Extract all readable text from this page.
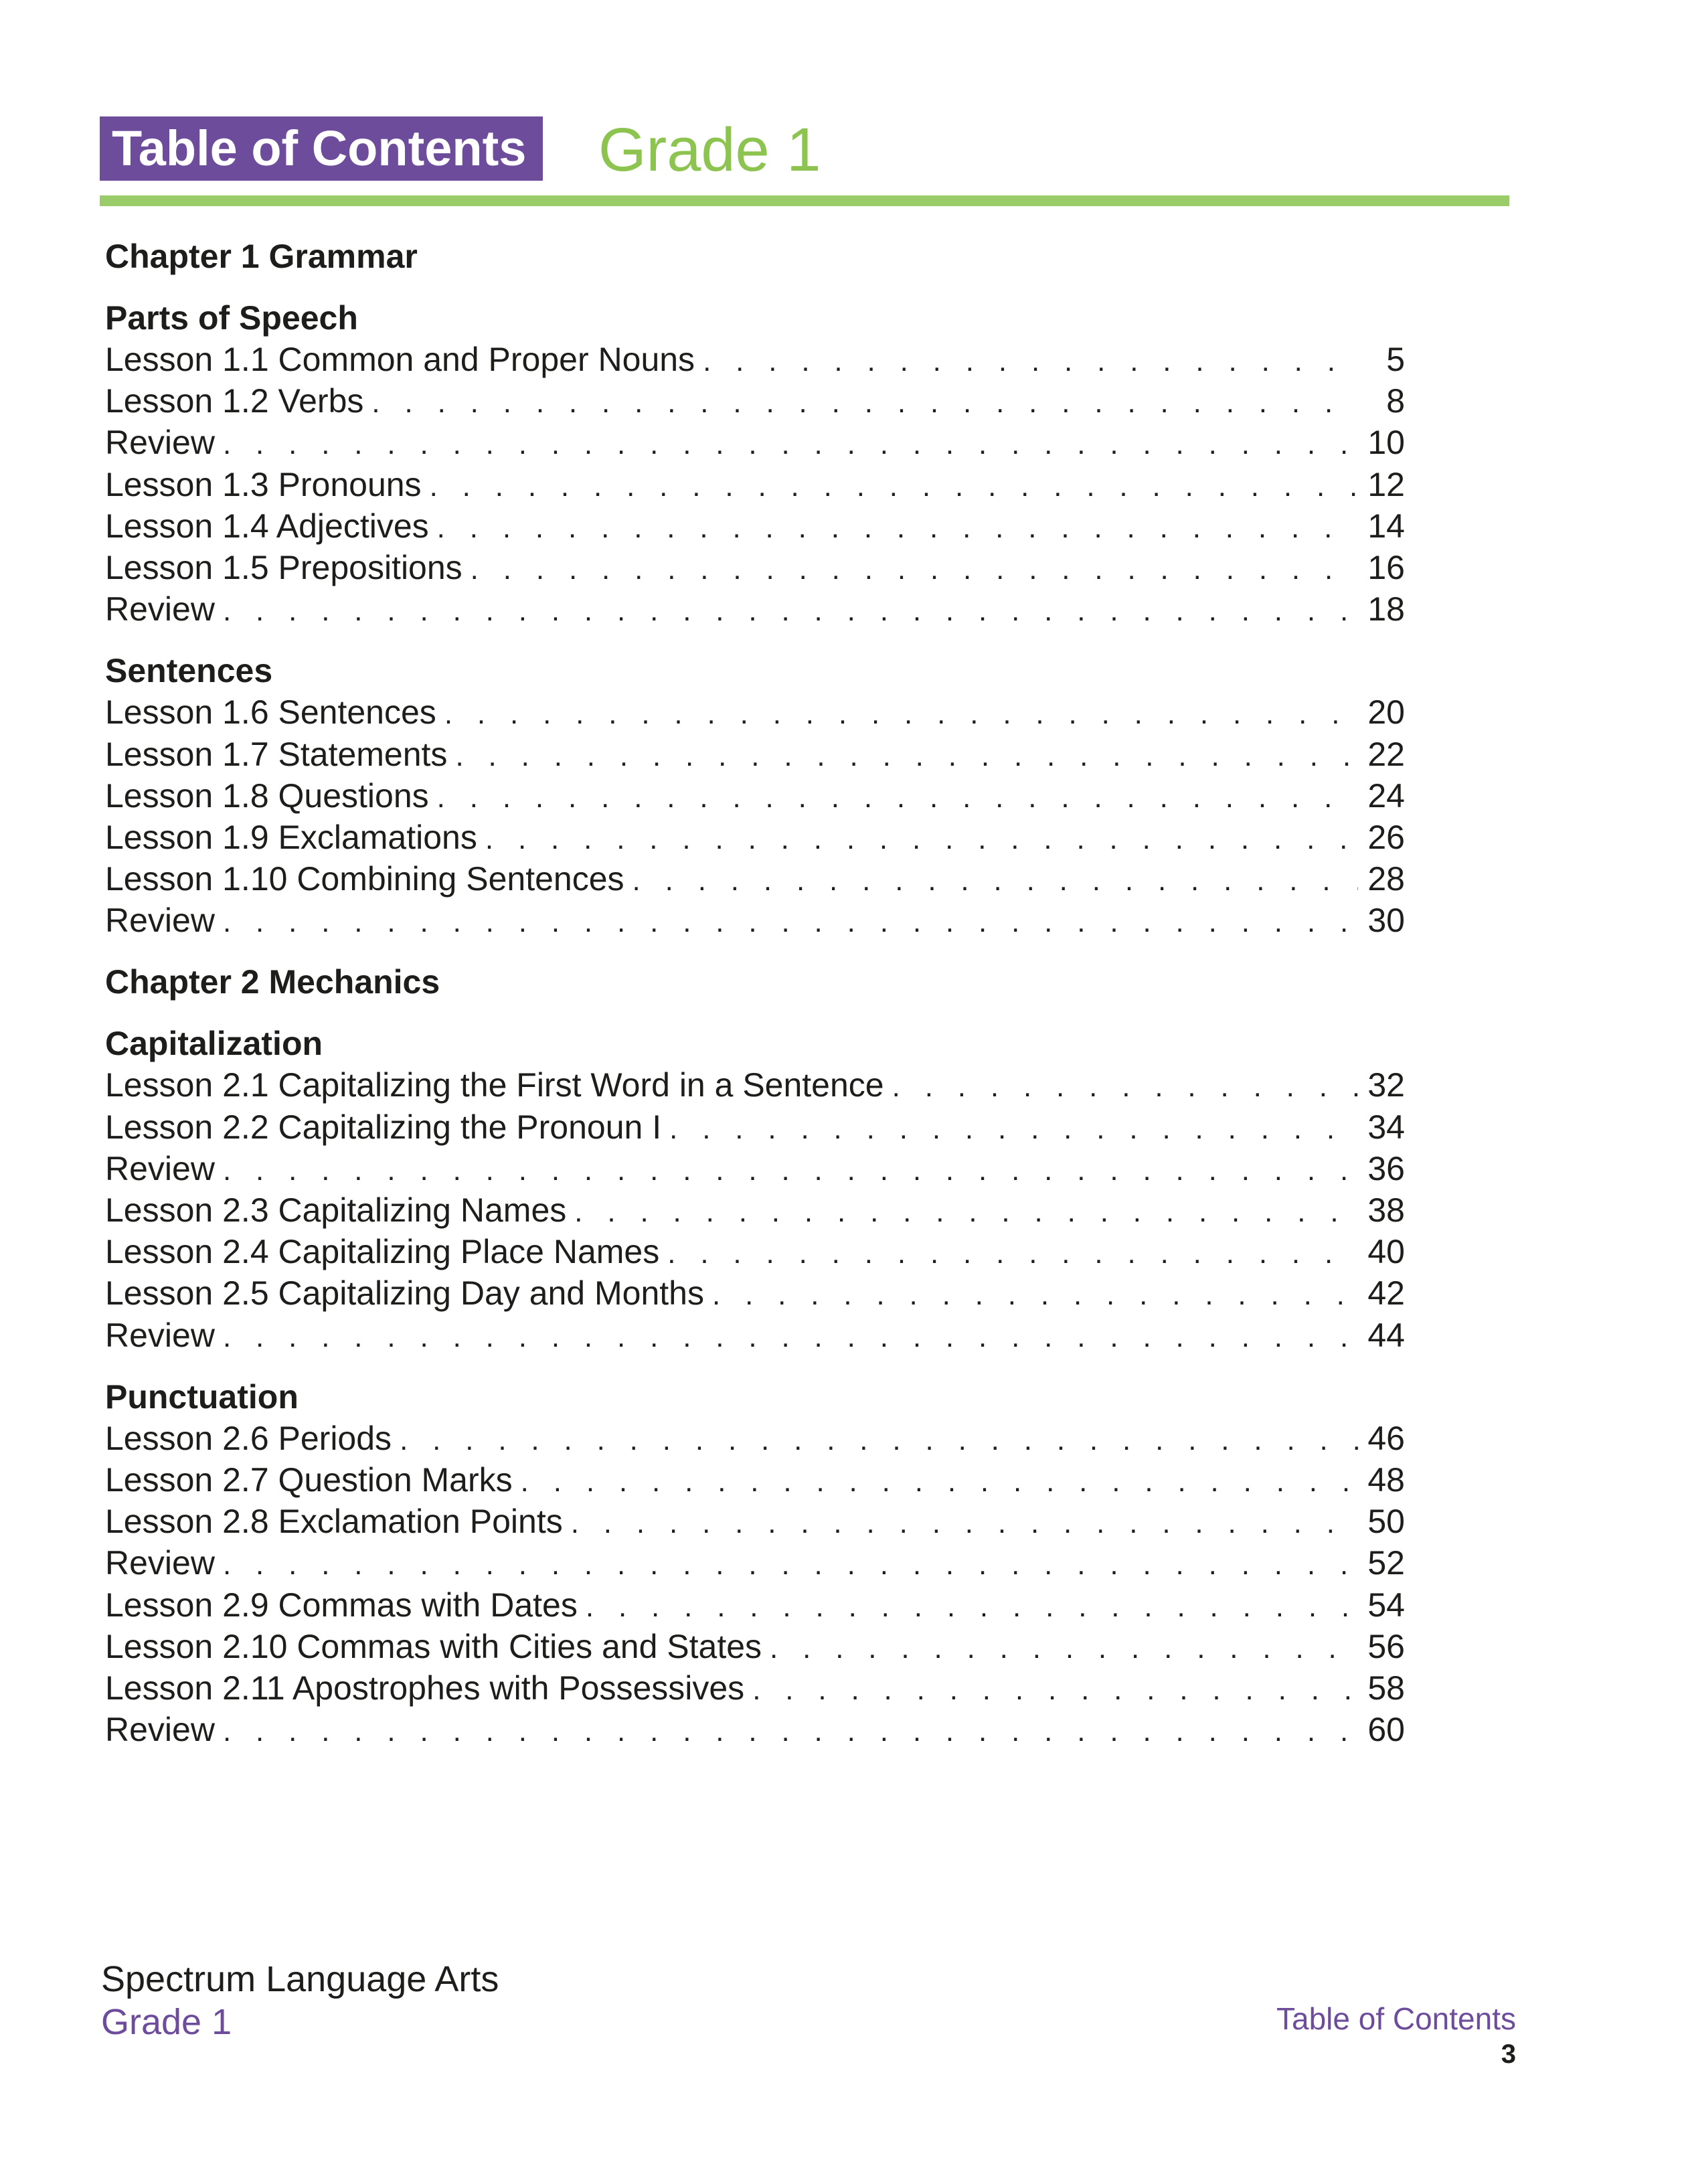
Table of Contents Grade 1
Chapter 1 Grammar
Parts of Speech
Lesson 1.1 Common and Proper Nouns . . .	5
Lesson 1.2 Verbs . . .	8
Review . . .	10
Lesson 1.3 Pronouns . . .	12
Lesson 1.4 Adjectives . . .	14
Lesson 1.5 Prepositions . . .	16
Review . . .	18
Sentences
Lesson 1.6 Sentences . . .	20
Lesson 1.7 Statements . . .	22
Lesson 1.8 Questions . . .	24
Lesson 1.9 Exclamations . . .	26
Lesson 1.10 Combining Sentences . . .	28
Review . . .	30
Chapter 2 Mechanics
Capitalization
Lesson 2.1 Capitalizing the First Word in a Sentence . . .	32
Lesson 2.2 Capitalizing the Pronoun I . . .	34
Review . . .	36
Lesson 2.3 Capitalizing Names . . .	38
Lesson 2.4 Capitalizing Place Names . . .	40
Lesson 2.5 Capitalizing Day and Months . . .	42
Review . . .	44
Punctuation
Lesson 2.6 Periods . . .	46
Lesson 2.7 Question Marks . . .	48
Lesson 2.8 Exclamation Points . . .	50
Review . . .	52
Lesson 2.9 Commas with Dates . . .	54
Lesson 2.10 Commas with Cities and States . . .	56
Lesson 2.11 Apostrophes with Possessives . . .	58
Review . . .	60
Spectrum Language Arts
Grade 1	Table of Contents
3
